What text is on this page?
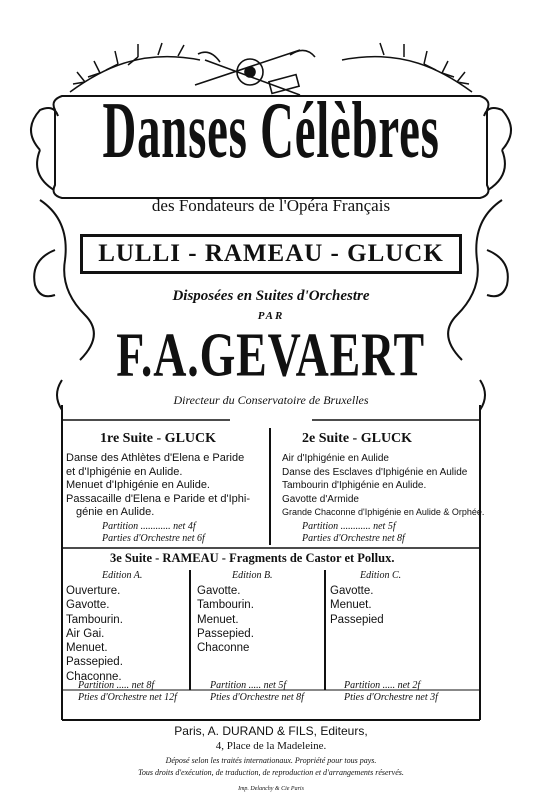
Danses Célèbres
des Fondateurs de l'Opéra Français
LULLI - RAMEAU - GLUCK
Disposées en Suites d'Orchestre
PAR
F.A.GEVAERT
Directeur du Conservatoire de Bruxelles
1re Suite - GLUCK
Danse des Athlètes d'Elena e Paride
et d'Iphigénie en Aulide.
Menuet d'Iphigénie en Aulide.
Passacaille d'Elena e Paride et d'Iphi-
génie en Aulide.
Partition ............ net 4f
Parties d'Orchestre net 6f
2e Suite - GLUCK
Air d'Iphigénie en Aulide
Danse des Esclaves d'Iphigénie en Aulide
Tambourin d'Iphigénie en Aulide.
Gavotte d'Armide
Grande Chaconne d'Iphigénie en Aulide & Orphée.
Partition ............ net 5f
Parties d'Orchestre net 8f
3e Suite - RAMEAU - Fragments de Castor et Pollux.
Edition A.
Ouverture.
Gavotte.
Tambourin.
Air Gai.
Menuet.
Passepied.
Chaconne.
Partition ..... net 8f
Pties d'Orchestre net 12f
Edition B.
Gavotte.
Tambourin.
Menuet.
Passepied.
Chaconne
Partition ..... net 5f
Pties d'Orchestre net 8f
Edition C.
Gavotte.
Menuet.
Passepied
Partition ..... net 2f
Pties d'Orchestre net 3f
Paris, A. DURAND & FILS, Editeurs,
4, Place de la Madeleine.
Déposé selon les traités internationaux. Propriété pour tous pays.
Tous droits d'exécution, de traduction, de reproduction et d'arrangements réservés.
Imp. Delanchy & Cie Paris
